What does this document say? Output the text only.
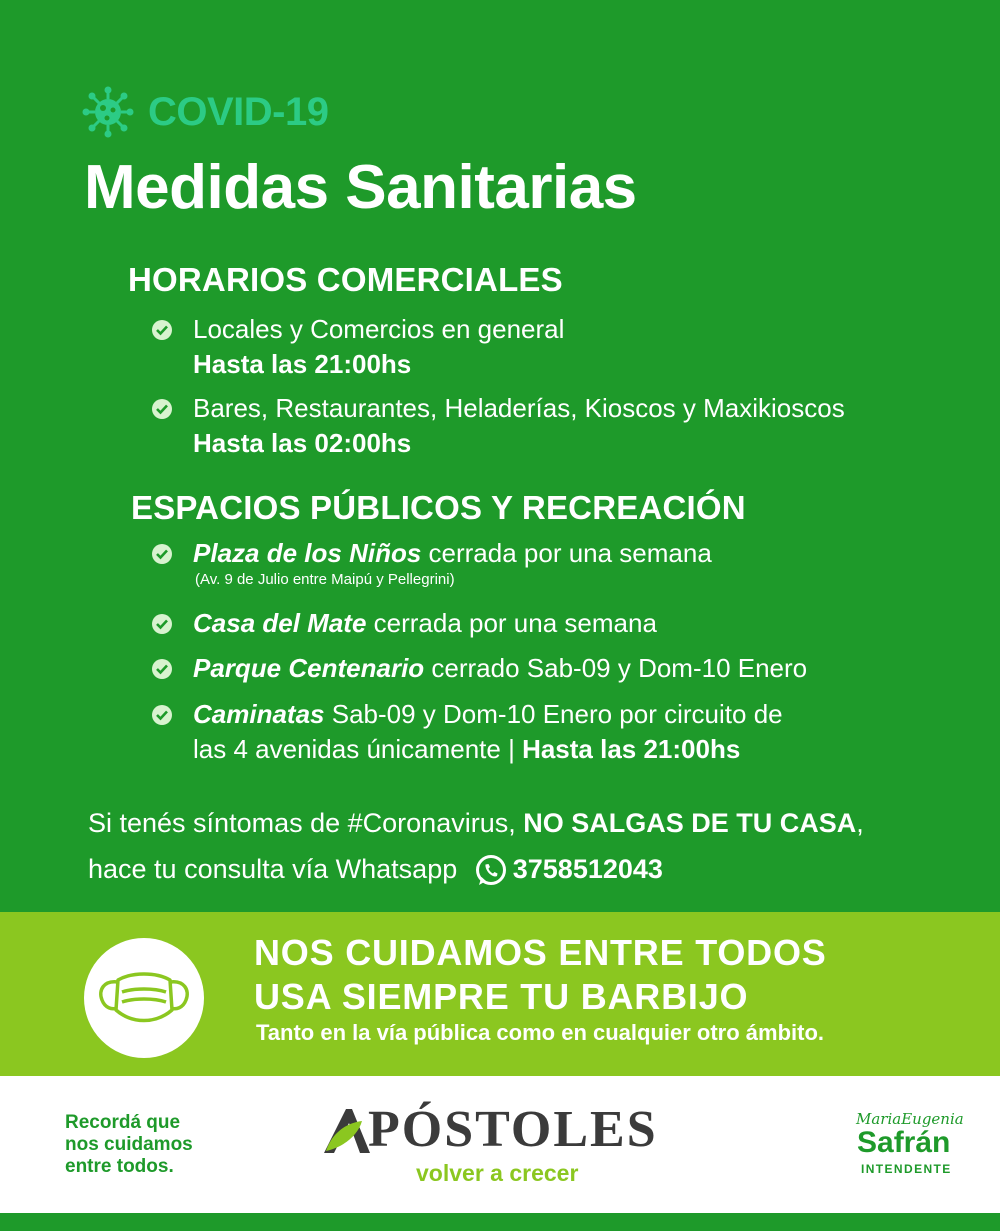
COVID-19
Medidas Sanitarias
HORARIOS COMERCIALES
Locales y Comercios en general
Hasta las 21:00hs
Bares, Restaurantes, Heladerías, Kioscos y Maxikioscos
Hasta las 02:00hs
ESPACIOS PÚBLICOS Y RECREACIÓN
Plaza de los Niños cerrada por una semana
(Av. 9 de Julio entre Maipú y Pellegrini)
Casa del Mate cerrada por una semana
Parque Centenario cerrado Sab-09 y Dom-10 Enero
Caminatas Sab-09 y Dom-10 Enero por circuito de
las 4 avenidas únicamente | Hasta las 21:00hs
Si tenés síntomas de #Coronavirus, NO SALGAS DE TU CASA,
hace tu consulta vía Whatsapp 3758512043
NOS CUIDAMOS ENTRE TODOS
USA SIEMPRE TU BARBIJO
Tanto en la vía pública como en cualquier otro ámbito.
Recordá que
nos cuidamos
entre todos.
PÓSTOLES
volver a crecer
MariaEugenia
Safrán
INTENDENTE
